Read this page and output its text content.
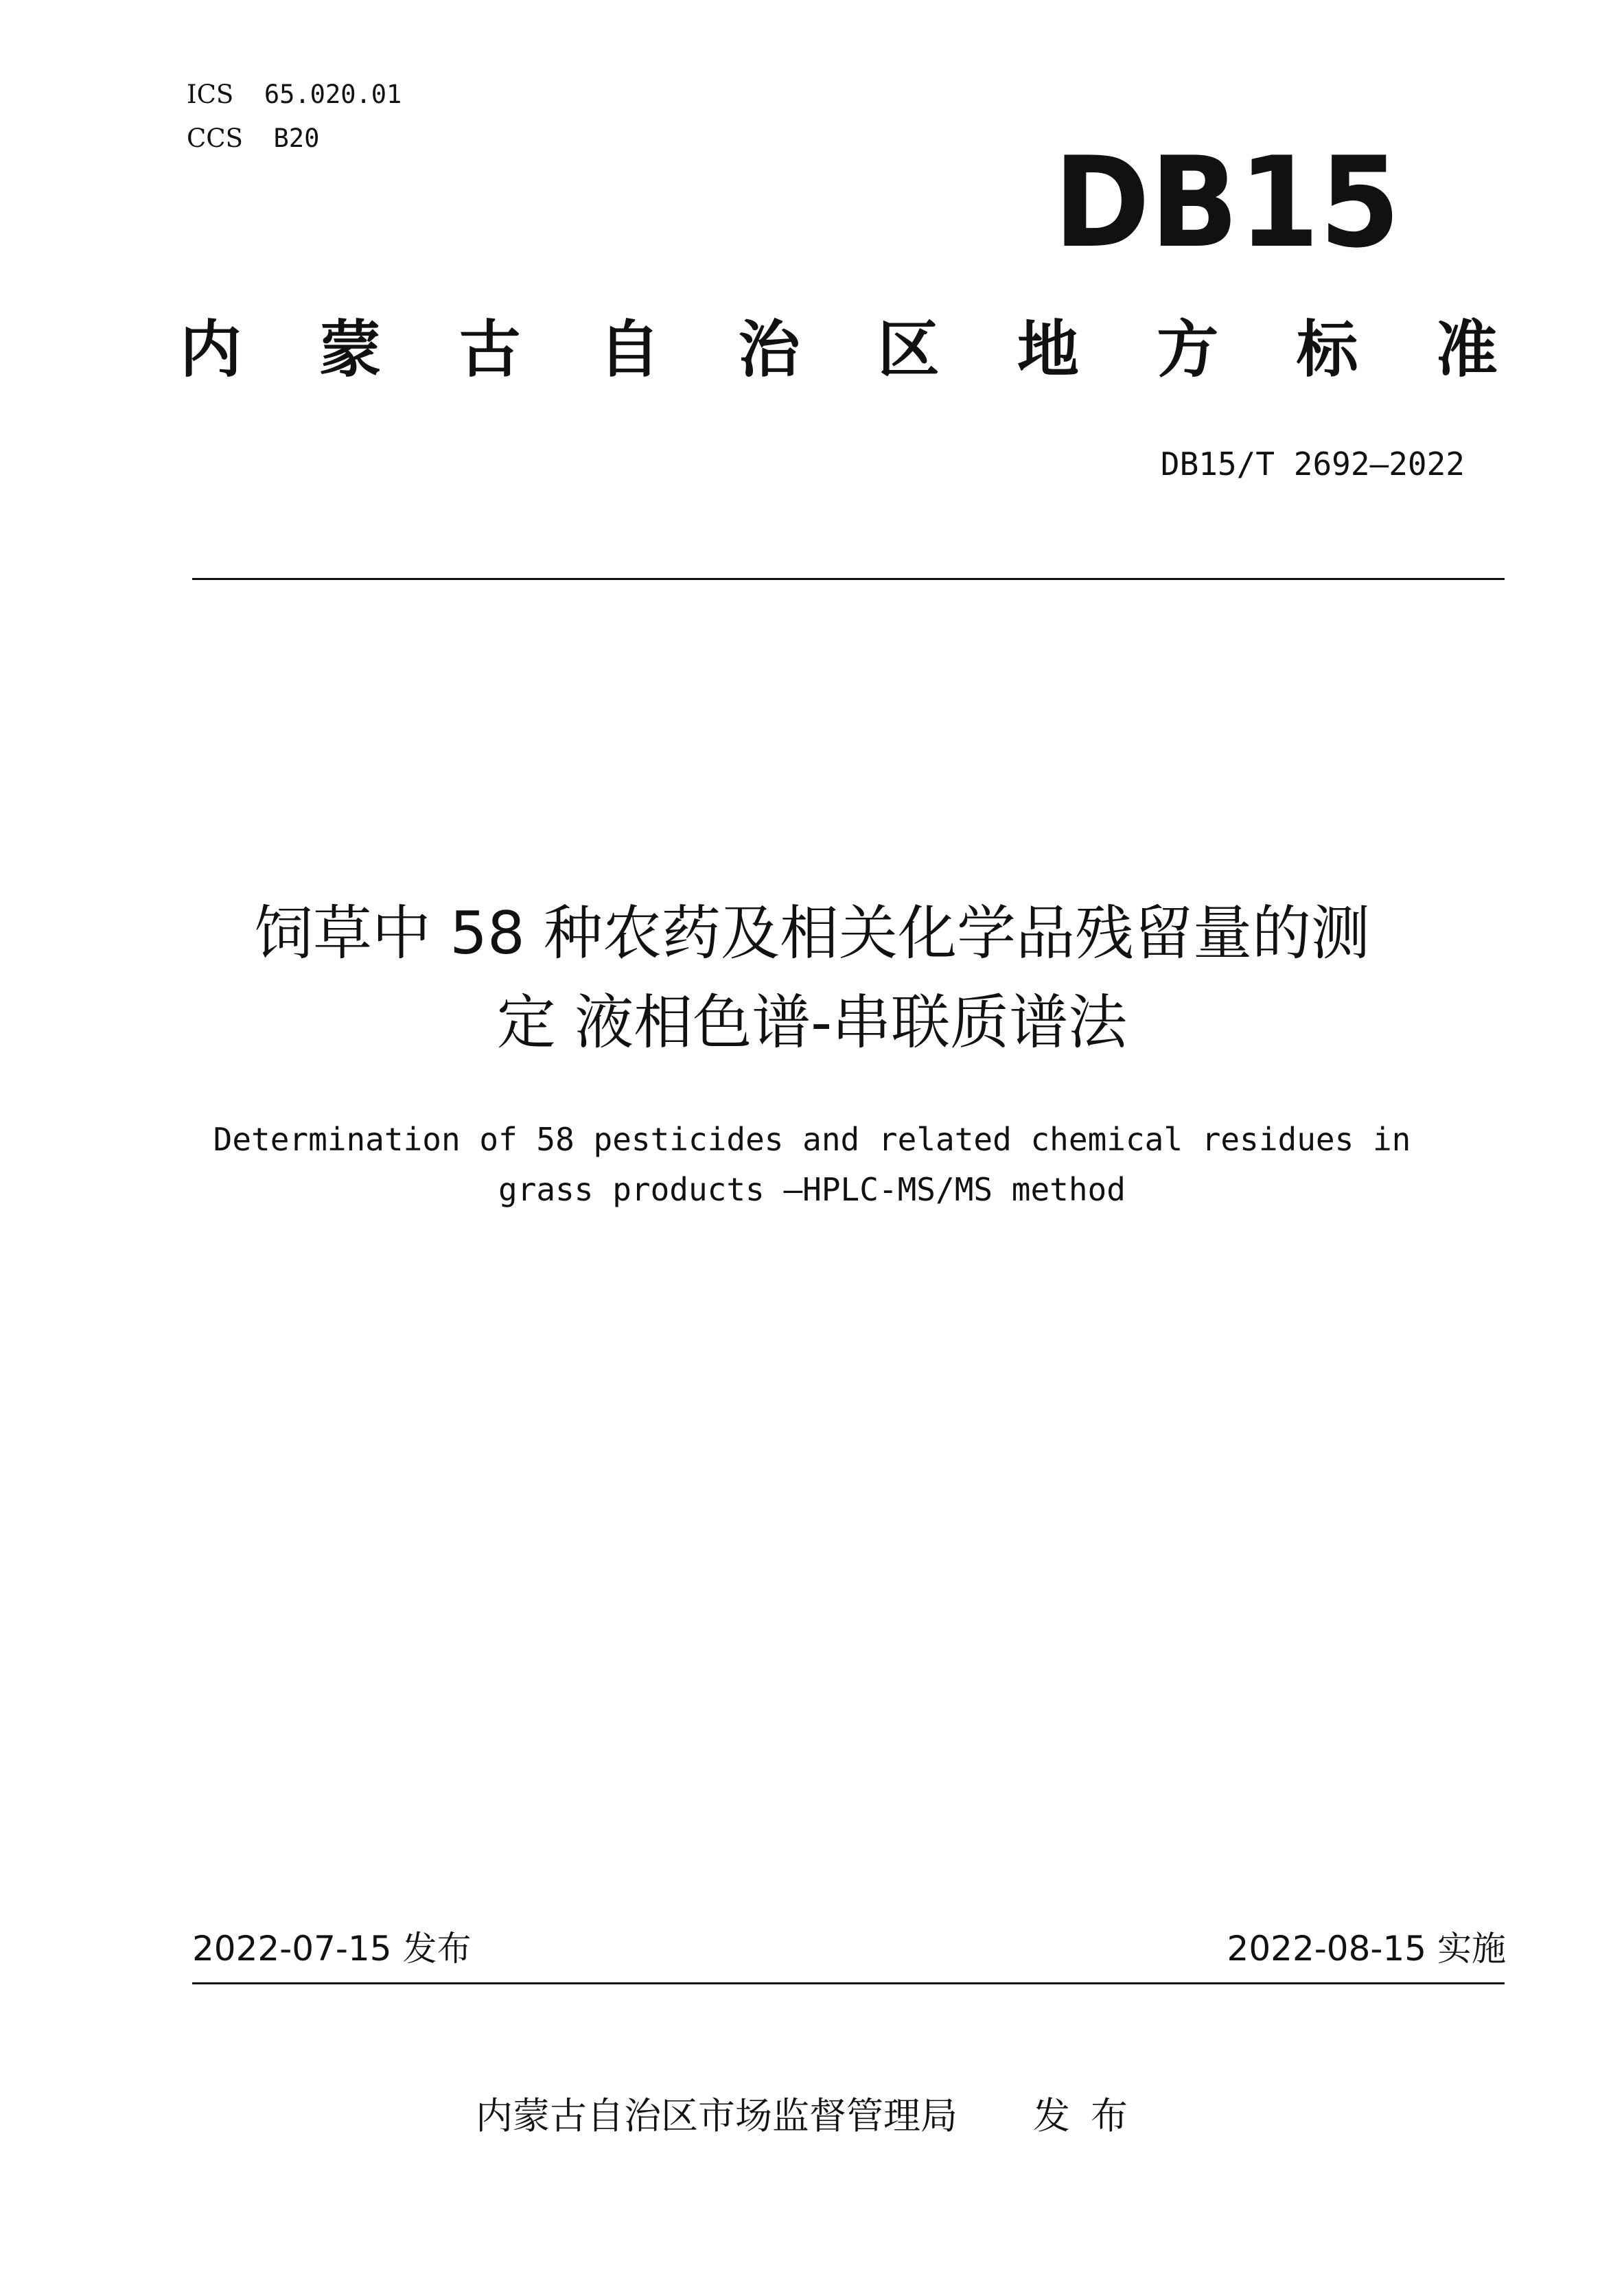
ICS 65.020.01
CCS B20	DB15
内 蒙 古 自 治 区 地 方 标 准
DB15/T 2692—2022
饲草中 58 种农药及相关化学品残留量的测
定 液相色谱-串联质谱法
Determination of 58 pesticides and related chemical residues in
grass products —HPLC-MS/MS method
2022-07-15 发布	2022-08-15 实施
内蒙古自治区市场监督管理局 发布
